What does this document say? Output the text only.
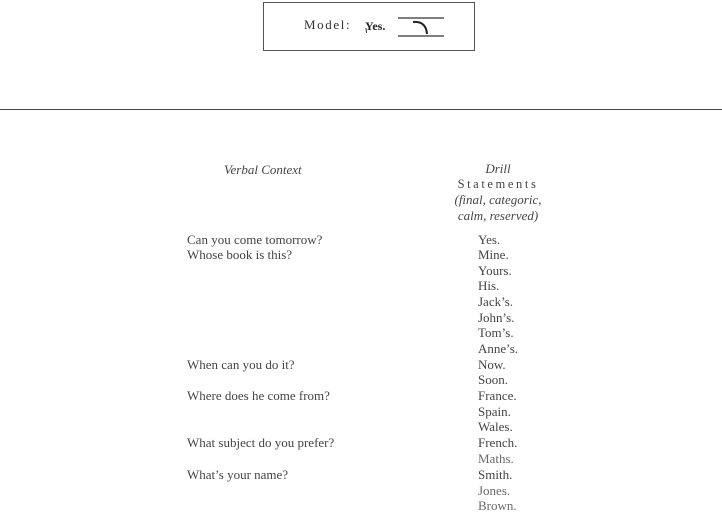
Model: Yes.
Verbal Context	Drill
Statements
(final, categoric,
calm, reserved)
Can you come tomorrow?
Whose book is this?
When can you do it?
Where does he come from?
What subject do you prefer?
What’s your name?
Yes.
Mine.
Yours.
His.
Jack’s.
John’s.
Tom’s.
Anne’s.
Now.
Soon.
France.
Spain.
Wales.
French.
Maths.
Smith.
Jones.
Brown.
